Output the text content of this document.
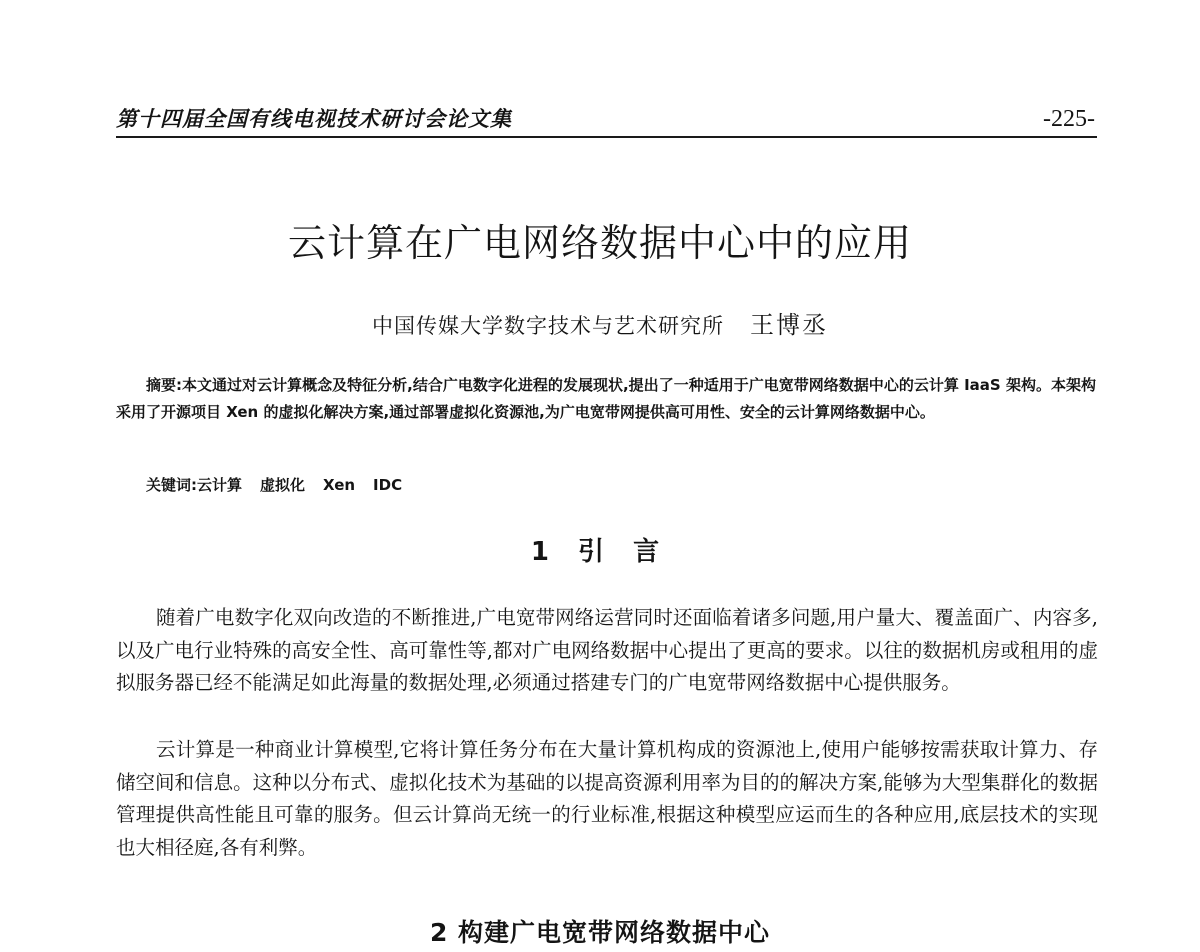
第十四届全国有线电视技术研讨会论文集	-225-
云计算在广电网络数据中心中的应用
中国传媒大学数字技术与艺术研究所 王博丞
摘要:本文通过对云计算概念及特征分析,结合广电数字化进程的发展现状,提出了一种适用于广电宽带网络数据中心的云计算 IaaS 架构。本架构采用了开源项目 Xen 的虚拟化解决方案,通过部署虚拟化资源池,为广电宽带网提供高可用性、安全的云计算网络数据中心。
关键词:云计算 虚拟化 Xen IDC
1 引 言

随着广电数字化双向改造的不断推进,广电宽带网络运营同时还面临着诸多问题,用户量大、覆盖面广、内容多,以及广电行业特殊的高安全性、高可靠性等,都对广电网络数据中心提出了更高的要求。以往的数据机房或租用的虚拟服务器已经不能满足如此海量的数据处理,必须通过搭建专门的广电宽带网络数据中心提供服务。

云计算是一种商业计算模型,它将计算任务分布在大量计算机构成的资源池上,使用户能够按需获取计算力、存储空间和信息。这种以分布式、虚拟化技术为基础的以提高资源利用率为目的的解决方案,能够为大型集群化的数据管理提供高性能且可靠的服务。但云计算尚无统一的行业标准,根据这种模型应运而生的各种应用,底层技术的实现也大相径庭,各有利弊。

2 构建广电宽带网络数据中心
